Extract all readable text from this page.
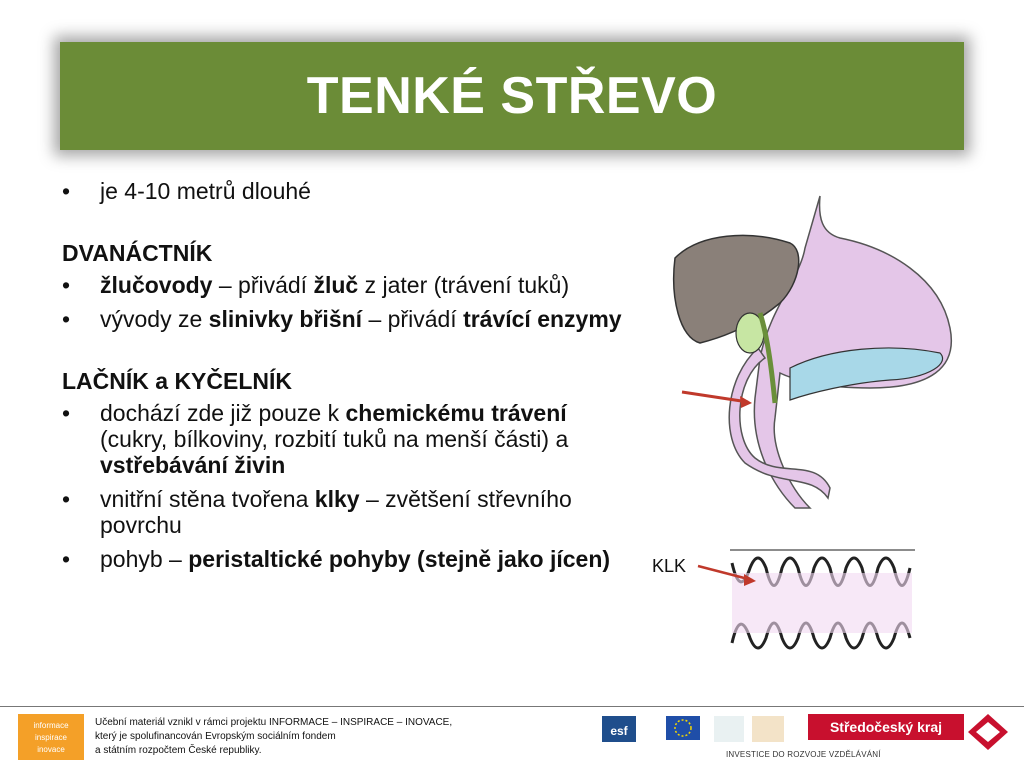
TENKÉ STŘEVO
• je 4-10 metrů dlouhé
DVANÁCTNÍK
• žlučovody – přivádí žluč z jater (trávení tuků)
• vývody ze slinivky břišní – přivádí trávící enzymy
LAČNÍK a KYČELNÍK
• dochází zde již pouze k chemickému trávení (cukry, bílkoviny, rozbití tuků na menší části) a vstřebávání živin
• vnitřní stěna tvořena klky – zvětšení střevního povrchu
• pohyb – peristaltické pohyby (stejně jako jícen)	KLK
informace
inspirace
inovace
Učební materiál vznikl v rámci projektu INFORMACE – INSPIRACE – INOVACE,
který je spolufinancován Evropským sociálním fondem
a státním rozpočtem České republiky.
esf	Středočeský kraj
INVESTICE DO ROZVOJE VZDĚLÁVÁNÍ
